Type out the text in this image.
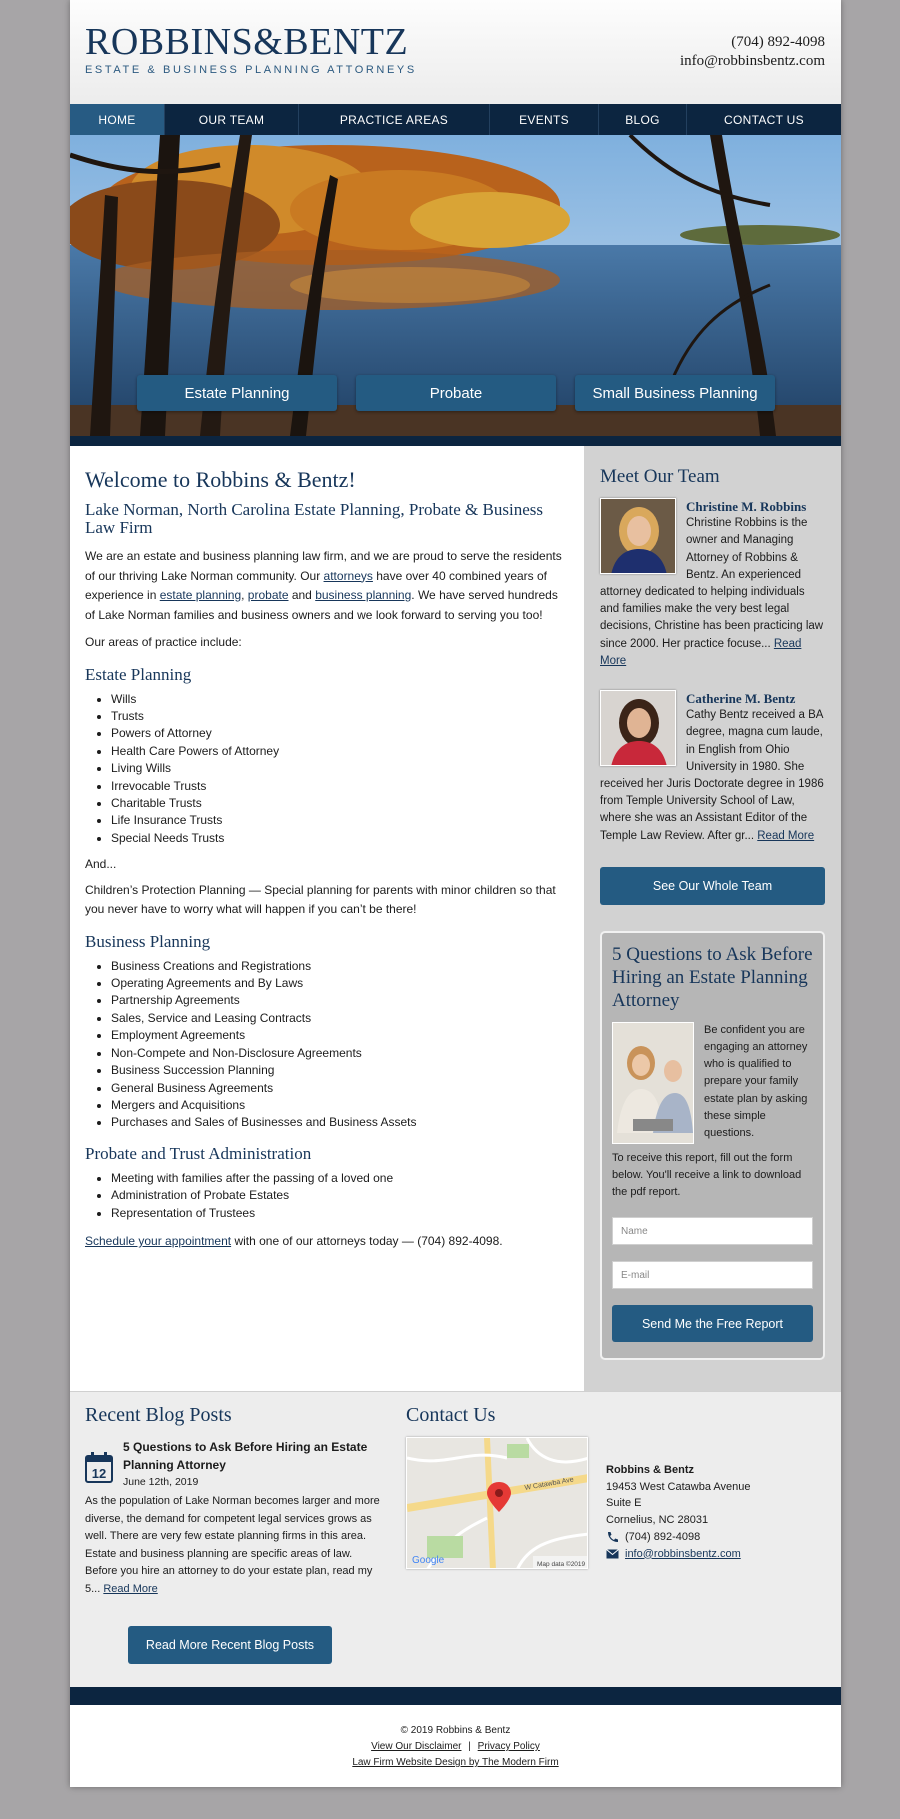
ROBBINS&BENTZ
ESTATE & BUSINESS PLANNING ATTORNEYS
(704) 892-4098
info@robbinsbentz.com
HOME	OUR TEAM	PRACTICE AREAS	EVENTS	BLOG	CONTACT US
Estate Planning	Probate	Small Business Planning
Welcome to Robbins & Bentz!
Lake Norman, North Carolina Estate Planning, Probate & Business Law Firm

We are an estate and business planning law firm, and we are proud to serve the residents of our thriving Lake Norman community. Our attorneys have over 40 combined years of experience in estate planning, probate and business planning. We have served hundreds of Lake Norman families and business owners and we look forward to serving you too!

Our areas of practice include:

Estate Planning
• Wills
• Trusts
• Powers of Attorney
• Health Care Powers of Attorney
• Living Wills
• Irrevocable Trusts
• Charitable Trusts
• Life Insurance Trusts
• Special Needs Trusts

And...

Children’s Protection Planning — Special planning for parents with minor children so that you never have to worry what will happen if you can’t be there!

Business Planning
• Business Creations and Registrations
• Operating Agreements and By Laws
• Partnership Agreements
• Sales, Service and Leasing Contracts
• Employment Agreements
• Non-Compete and Non-Disclosure Agreements
• Business Succession Planning
• General Business Agreements
• Mergers and Acquisitions
• Purchases and Sales of Businesses and Business Assets
Probate and Trust Administration
• Meeting with families after the passing of a loved one
• Administration of Probate Estates
• Representation of Trustees

Schedule your appointment with one of our attorneys today — (704) 892-4098.

Meet Our Team
Christine M. Robbins
Christine Robbins is the owner and Managing Attorney of Robbins & Bentz. An experienced attorney dedicated to helping individuals and families make the very best legal decisions, Christine has been practicing law since 2000. Her practice focuse... Read More
Catherine M. Bentz
Cathy Bentz received a BA degree, magna cum laude, in English from Ohio University in 1980. She received her Juris Doctorate degree in 1986 from Temple University School of Law, where she was an Assistant Editor of the Temple Law Review. After gr... Read More
See Our Whole Team
5 Questions to Ask Before Hiring an Estate Planning Attorney
Be confident you are engaging an attorney who is qualified to prepare your family estate plan by asking these simple questions.
To receive this report, fill out the form below. You'll receive a link to download the pdf report.
Name
E-mail
Send Me the Free Report
Recent Blog Posts
12
5 Questions to Ask Before Hiring an Estate Planning Attorney
June 12th, 2019
As the population of Lake Norman becomes larger and more diverse, the demand for competent legal services grows as well. There are very few estate planning firms in this area. Estate and business planning are specific areas of law. Before you hire an attorney to do your estate plan, read my 5... Read More
Read More Recent Blog Posts
Contact Us
W Catawba Ave
Google	Map data ©2019
Robbins & Bentz
19453 West Catawba Avenue
Suite E
Cornelius, NC 28031
(704) 892-4098
info@robbinsbentz.com
© 2019 Robbins & Bentz
View Our Disclaimer | Privacy Policy
Law Firm Website Design by The Modern Firm
